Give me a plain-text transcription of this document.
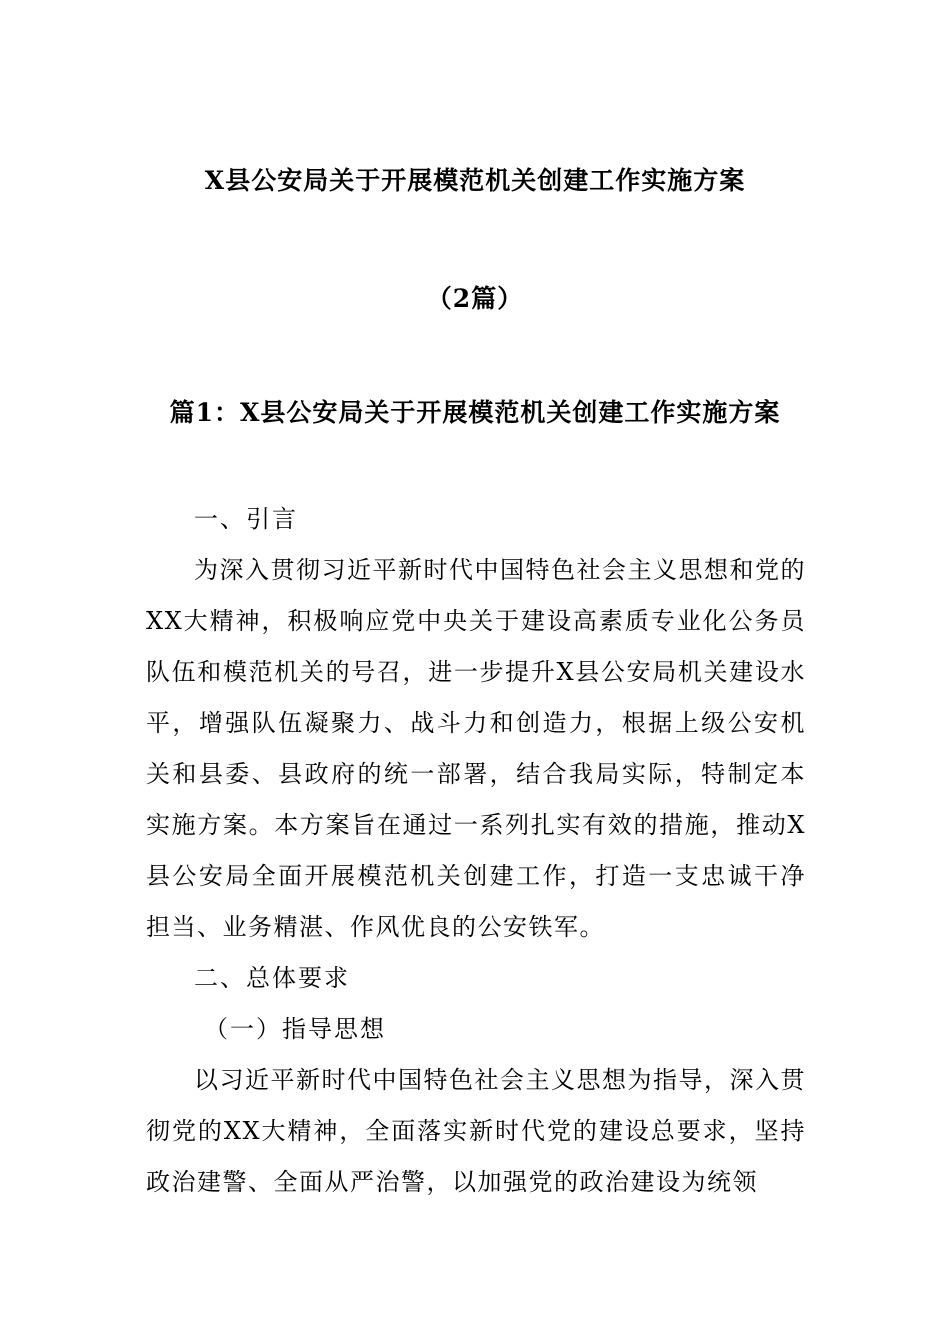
X县公安局关于开展模范机关创建工作实施方案
（2篇）
篇1：X县公安局关于开展模范机关创建工作实施方案
一、引言
为深入贯彻习近平新时代中国特色社会主义思想和党的XX大精神，积极响应党中央关于建设高素质专业化公务员队伍和模范机关的号召，进一步提升X县公安局机关建设水平，增强队伍凝聚力、战斗力和创造力，根据上级公安机关和县委、县政府的统一部署，结合我局实际，特制定本实施方案。本方案旨在通过一系列扎实有效的措施，推动X县公安局全面开展模范机关创建工作，打造一支忠诚干净担当、业务精湛、作风优良的公安铁军。
二、总体要求
（一）指导思想
以习近平新时代中国特色社会主义思想为指导，深入贯彻党的XX大精神，全面落实新时代党的建设总要求，坚持政治建警、全面从严治警，以加强党的政治建设为统领
